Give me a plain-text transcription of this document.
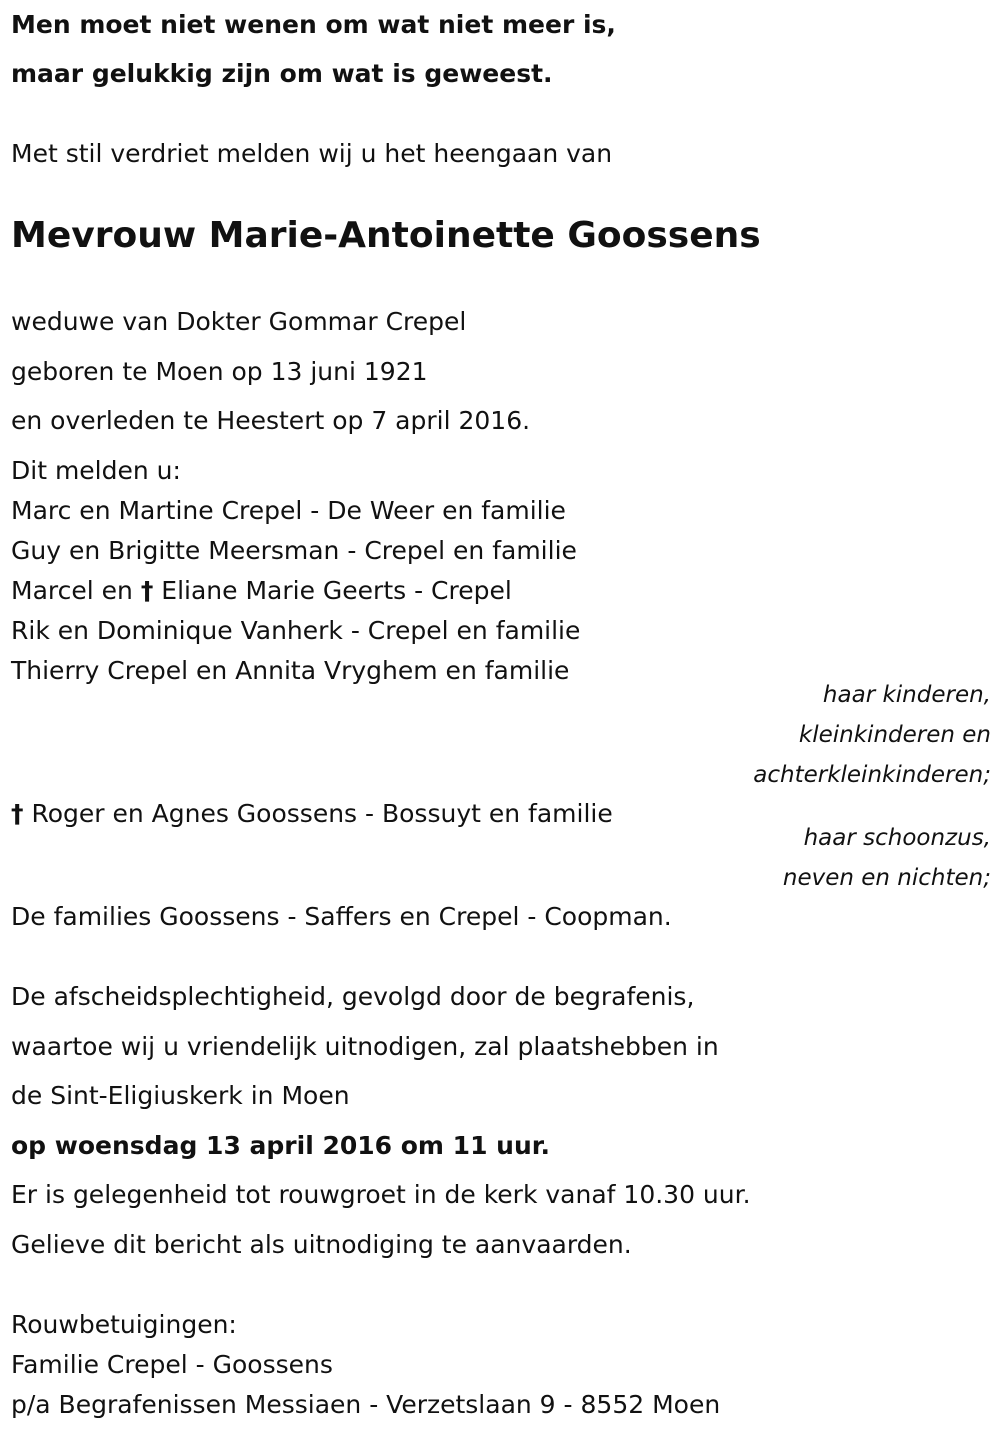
Men moet niet wenen om wat niet meer is,
maar gelukkig zijn om wat is geweest.
Met stil verdriet melden wij u het heengaan van
Mevrouw Marie-Antoinette Goossens
weduwe van Dokter Gommar Crepel
geboren te Moen op 13 juni 1921
en overleden te Heestert op 7 april 2016.
Dit melden u:
Marc en Martine Crepel - De Weer en familie
Guy en Brigitte Meersman - Crepel en familie
Marcel en † Eliane Marie Geerts - Crepel
Rik en Dominique Vanherk - Crepel en familie
Thierry Crepel en Annita Vryghem en familie
haar kinderen,
kleinkinderen en
achterkleinkinderen;
† Roger en Agnes Goossens - Bossuyt en familie
haar schoonzus,
neven en nichten;
De families Goossens - Saffers en Crepel - Coopman.
De afscheidsplechtigheid, gevolgd door de begrafenis,
waartoe wij u vriendelijk uitnodigen, zal plaatshebben in
de Sint-Eligiuskerk in Moen
op woensdag 13 april 2016 om 11 uur.
Er is gelegenheid tot rouwgroet in de kerk vanaf 10.30 uur.
Gelieve dit bericht als uitnodiging te aanvaarden.
Rouwbetuigingen:
Familie Crepel - Goossens
p/a Begrafenissen Messiaen - Verzetslaan 9 - 8552 Moen
